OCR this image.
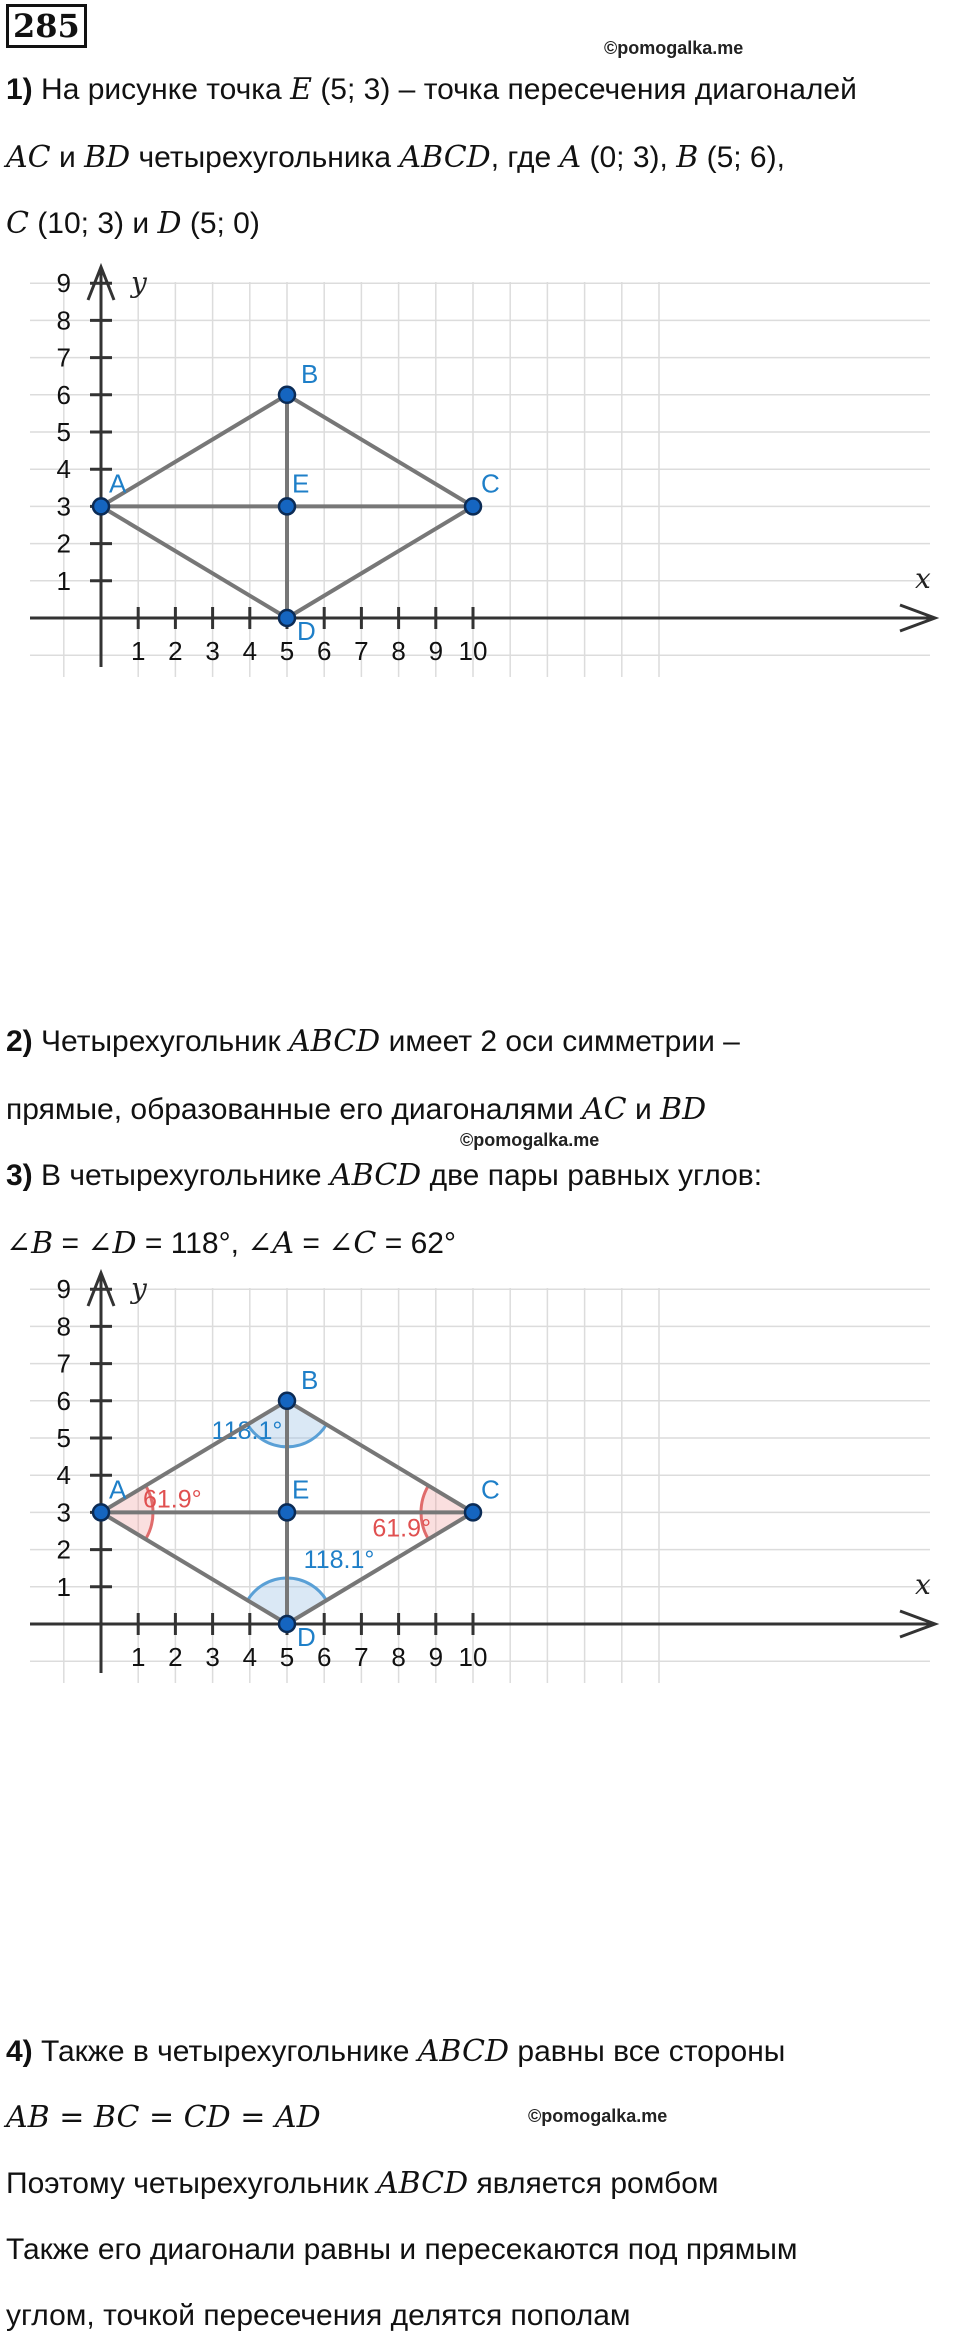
285
©pomogalka.me
1) На рисунке точка E (5; 3) – точка пересечения диагоналей
AC и BD четырехугольника ABCD, где A (0; 3), B (5; 6),
C (10; 3) и D (5; 0)
x
y
1 2 3 4 5 6 7 8 9 10
1
2
3
4
5
6
7
8
9
A
B
C
D
E
2) Четырехугольник ABCD имеет 2 оси симметрии –
прямые, образованные его диагоналями AC и BD
©pomogalka.me
3) В четырехугольнике ABCD две пары равных углов:
∠B = ∠D = 118°, ∠A = ∠C = 62°
x
y
1 2 3 4 5 6 7 8 9 10
1
2
3
4
5
6
7
8
9
118.1°
118.1°
61.9°
61.9°
A
B
C
D
E
4) Также в четырехугольнике ABCD равны все стороны
AB = BC = CD = AD	©pomogalka.me
Поэтому четырехугольник ABCD является ромбом
Также его диагонали равны и пересекаются под прямым
углом, точкой пересечения делятся пополам
